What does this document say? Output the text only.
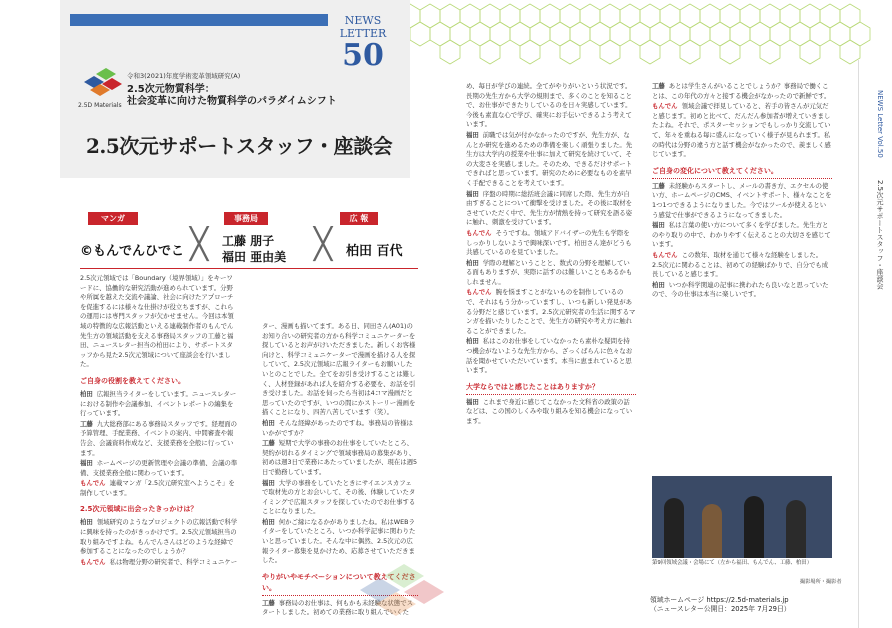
NEWS
LETTER
50
2.5D Materials
令和3(2021)年度学術変革領域研究(A)
2.5次元物質科学：
社会変革に向けた物質科学のパラダイムシフト
2.5次元サポートスタッフ・座談会
マンガ	事務局	広 報
©もんでんひでこ ╳ 工藤 朋子
福田 亜由美 ╳ 柏田 百代

2.5次元領域では「Boundary（境界領域）」をキーワードに、協働的な研究活動が進められています。分野や所属を越えた交流や議論、社会に向けたアプローチを促進するには様々な仕掛けが役立ちますが、これらの運用には専門スタッフが欠かせません。今回は本領域の特徴的な広報活動といえる連載制作者のもんでん先生方の領域活動を支える事務局スタッフの工藤と福田、ニュースレター担当の柏田により、サポートスタッフから見た2.5次元領域について座談会を行いました。

ご自身の役割を教えてください。

柏田 広報担当ライターをしています。ニュースレターにおける制作や会議参加、イベントレポートの編集を行っています。

工藤 九大総務部にある事務局スタッフです。経理面の予算管理、手配業務、イベントの案内、中間審査や報告会、会議資料作成など、支援業務を全般に行っています。

福田 ホームページの更新管理や会議の準備、会議の準備、支援業務全般に関わっています。

もんでん 連載マンガ「2.5次元研究室へようこそ」を制作しています。

2.5次元領域に出会ったきっかけは？

柏田 領域研究のようなプロジェクトの広報活動で科学に興味を持ったのがきっかけです。2.5次元領域担当の取り組みですよね。もんでんさんはどのような経緯で参加することになったのでしょうか？

もんでん 私は物理分野の研究者で、科学コミュニケー

ター、漫画も描いてます。ある日、同田さん(A01)のお知り合いの研究者の方から科学コミュニケーターを探しているとお声がけいただきました。新しくお客様向けと、科学コミュニケーターで漫画を描ける人を探していて、2.5次元領域に広報ライターもお願いしたいとのことでした。全てをお引き受けすることは難しく、人材登録があれば人を紹介する必要を、お話を引き受けました。お話を伺ったら当初は4コマ漫画だと思っていたのですが、いつの間にかストーリー漫画を描くことになり、四苦八苦しています（笑）。

柏田 そんな経緯があったのですね。事務局の皆様はいかがですか？

工藤 短期で大学の事務のお仕事をしていたところ、契約が切れるタイミングで領域事務局の募集があり、初めは週3日で業務にあたっていましたが、現在は週5日で勤務しています。

福田 大学の事務をしていたときにサイエンスカフェで取材先の方とお会いして、その後、体験していたタイミングで広報スタッフを探していたのでお仕事することになりました。

柏田 何かご縁になるかがありましたね。私はWEBライターをしていたところ、いつか科学記事に関わりたいと思っていました。そんな中に偶然、2.5次元の広報ライター募集を見かけため、応募させていただきました。

やりがいやモチベーションについて教えてください。

工藤 事務局のお仕事は、何もかも未経験な状態でスタートしました。初めての業務に取り組んでいくた

め、毎日が学びの連続。全てがやりがいという状況です。長期の先生方から大学の規則まで、多くのことを知ることで、お仕事ができたりしているのを日々実感しています。今後も素直な心で学び、確実にお手伝いできるよう考えています。

福田 前職では気が付かなかったのですが、先生方が、なんとか研究を進めるための準備を楽しく頑張りました。先生方は大学内の授業や仕事に加えて研究を続けていて、その大変さを実感しました。そのため、できるだけサポートできればと思っています。研究のために必要なものを素早く手配できることを考えています。

福田 序盤の時期に総括班会議に同席した際、先生方が自由すぎることについて衝撃を受けました。その後に取材をさせていただく中で、先生方が情熱を持って研究を語る姿に触れ、刺激を受けています。

もんでん そうですね。領域アドバイザーの先生も学際をしっかりしないようで興味深いです。柏田さん達がどうも共感しているのを見ていました。

柏田 学際の理解ということと、数式の分野を理解している面もありますが、実際に話すのは難しいこともあるかもしれません。

もんでん 腕を悩ますことがないものを制作しているので、それはもう分かっていますし、いつも新しい発見がある分野だと感じています。2.5次元研究者の生活に関するマンガを描いたりしたことで、先生方の研究や考え方に触れることができました。

柏田 私はこのお仕事をしていなかったら素朴な疑問を持つ機会がないような先生方から、ざっくばらんに色々なお話を聞かせていただいています。本当に恵まれていると思います。

大学ならではと感じたことはありますか？

福田 これまで身近に感じてこなかった文科省の政策の話などは、この国のしくみや取り組みを知る機会になっています。

工藤 あとは学生さんがいることでしょうか？事務局で働くことは、この年代の方々と接する機会がなかったので新鮮です。

もんでん 領域会議で拝見していると、若手の皆さんが元気だと感じます。初めと比べて、だんだん参加者が増えていきましたよね。それで、ポスターセッションでもしっかり交流していて、年々を重ねる毎に盛んになっていく様子が見られます。私の時代は分野の違う方と話す機会がなかったので、羨ましく感じています。

ご自身の変化について教えてください。

工藤 未経験からスタートし、メールの書き方、エクセルの使い方、ホームページのCMS、イベントサポート、様々なことを1つ1つできるようになりました。今ではツールが使えるという感覚で仕事ができるようになってきました。

福田 私は言葉の使い方について多くを学びました。先生方とのやり取りの中で、わかりやすく伝えることの大切さを感じています。

もんでん この数年、取材を通じて様々な経験をしました。2.5次元に関わることは、初めての経験ばかりで、自分でも成長していると感じます。

柏田 いつか科学関連の記事に携われたら良いなと思っていたので、今の仕事は本当に楽しいです。

第9回領域会議・会場にて（左から福田、もんでん、工藤、柏田）
撮影場所・撮影者
領域ホームページ https://2.5d-materials.jp
（ニュースレター公開日：2025年 7月29日）
NEWS Letter Vol.50
2.5次元サポートスタッフ・座談会
